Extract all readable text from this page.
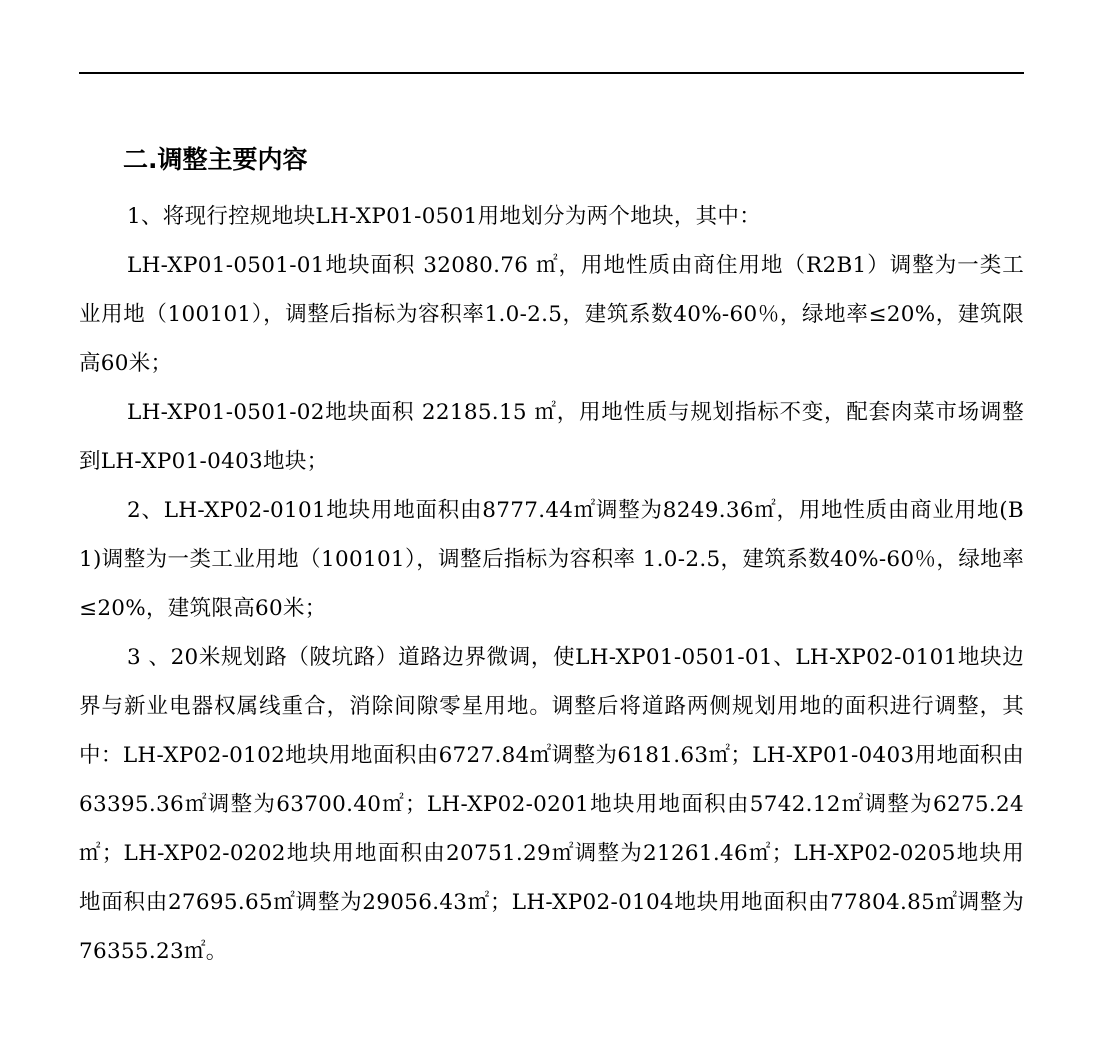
二.调整主要内容

1、将现行控规地块LH-XP01-0501用地划分为两个地块，其中：

LH-XP01-0501-01地块面积 32080.76 ㎡，用地性质由商住用地（R2B1）调整为一类工业用地（100101），调整后指标为容积率1.0-2.5，建筑系数40%-60％，绿地率≤20%，建筑限高60米；

LH-XP01-0501-02地块面积 22185.15 ㎡，用地性质与规划指标不变，配套肉菜市场调整到LH-XP01-0403地块；

2、LH-XP02-0101地块用地面积由8777.44㎡调整为8249.36㎡，用地性质由商业用地(B1)调整为一类工业用地（100101），调整后指标为容积率 1.0-2.5，建筑系数40%-60％，绿地率≤20%，建筑限高60米；

3 、20米规划路（陂坑路）道路边界微调，使LH-XP01-0501-01、LH-XP02-0101地块边界与新业电器权属线重合，消除间隙零星用地。调整后将道路两侧规划用地的面积进行调整，其中：LH-XP02-0102地块用地面积由6727.84㎡调整为6181.63㎡；LH-XP01-0403用地面积由63395.36㎡调整为63700.40㎡；LH-XP02-0201地块用地面积由5742.12㎡调整为6275.24㎡；LH-XP02-0202地块用地面积由20751.29㎡调整为21261.46㎡；LH-XP02-0205地块用地面积由27695.65㎡调整为29056.43㎡；LH-XP02-0104地块用地面积由77804.85㎡调整为76355.23㎡。
